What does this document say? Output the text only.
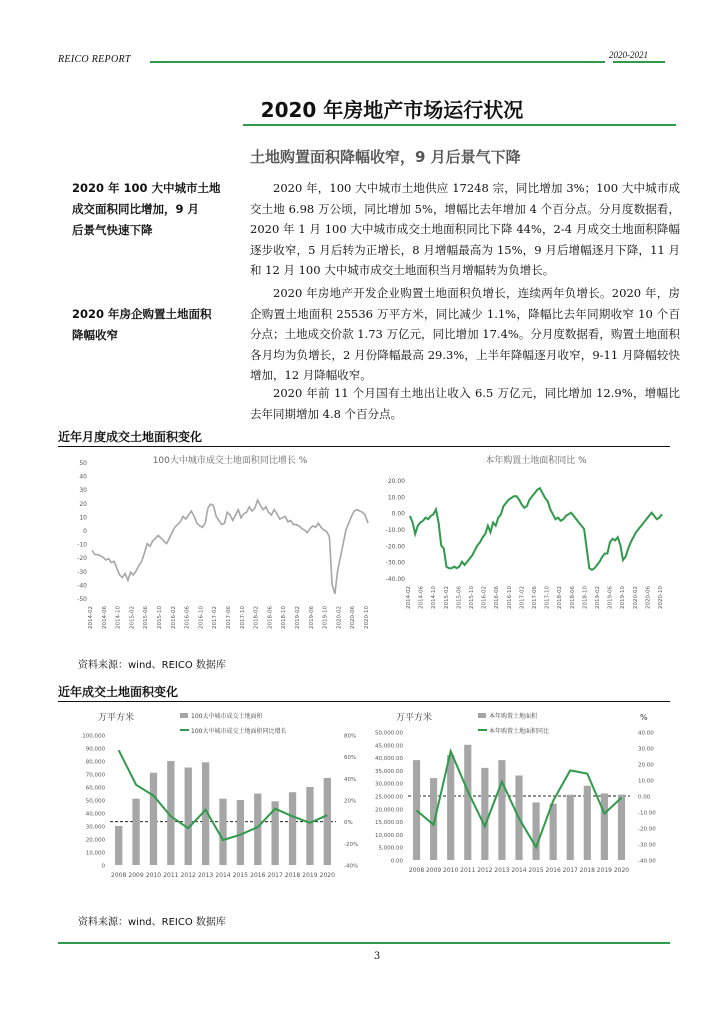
REICO REPORT	2020-2021
2020 年房地产市场运行状况
土地购置面积降幅收窄，9 月后景气下降
2020 年 100 大中城市土地
成交面积同比增加，9 月
后景气快速下降
2020 年房企购置土地面积
降幅收窄

2020 年，100 大中城市土地供应 17248 宗，同比增加 3%；100 大中城市成交土地 6.98 万公顷，同比增加 5%，增幅比去年增加 4 个百分点。分月度数据看，2020 年 1 月 100 大中城市成交土地面积同比下降 44%，2-4 月成交土地面积降幅逐步收窄，5 月后转为正增长，8 月增幅最高为 15%，9 月后增幅逐月下降，11 月和 12 月 100 大中城市成交土地面积当月增幅转为负增长。

2020 年房地产开发企业购置土地面积负增长，连续两年负增长。2020 年，房企购置土地面积 25536 万平方米，同比减少 1.1%，降幅比去年同期收窄 10 个百分点；土地成交价款 1.73 万亿元，同比增加 17.4%。分月度数据看，购置土地面积各月均为负增长，2 月份降幅最高 29.3%，上半年降幅逐月收窄，9-11 月降幅较快增加，12 月降幅收窄。

2020 年前 11 个月国有土地出让收入 6.5 万亿元，同比增加 12.9%，增幅比去年同期增加 4.8 个百分点。

近年月度成交土地面积变化
100大中城市成交土地面积同比增长 %
50
40
30
20
10
0
-10
-20
-30
-40
-50
2014-02 2014-06 2014-10 2015-02 2015-06 2015-10 2016-02 2016-06 2016-10 2017-02 2017-06 2017-10 2018-02 2018-06 2018-10 2019-02 2019-06 2019-10 2020-02 2020-06 2020-10
本年购置土地面积同比 %
20.00
10.00
0.00
-10.00
-20.00
-30.00
-40.00
2014-02 2014-06 2014-10 2015-02 2015-06 2015-10 2016-02 2016-06 2016-10 2017-02 2017-06 2017-10 2018-02 2018-06 2018-10 2019-02 2019-06 2019-10 2020-02 2020-06 2020-10
资料来源：wind、REICO 数据库
近年成交土地面积变化
万平方米	100大中城市成交土地面积
100大中城市成交土地面积同比增长
100,000
90,000
80,000
70,000
60,000
50,000
40,000
30,000
20,000
10,000
0
80%
60%
40%
20%
0%
-20%
-40%
2008 2009 2010 2011 2012 2013 2014 2015 2016 2017 2018 2019 2020
万平方米	%
本年购置土地面积
本年购置土地面积同比
50,000.00
45,000.00
40,000.00
35,000.00
30,000.00
25,000.00
20,000.00
15,000.00
10,000.00
5,000.00
0.00
40.00
30.00
20.00
10.00
0.00
-10.00
-20.00
-30.00
-40.00
2008 2009 2010 2011 2012 2013 2014 2015 2016 2017 2018 2019 2020
资料来源：wind、REICO 数据库
3
